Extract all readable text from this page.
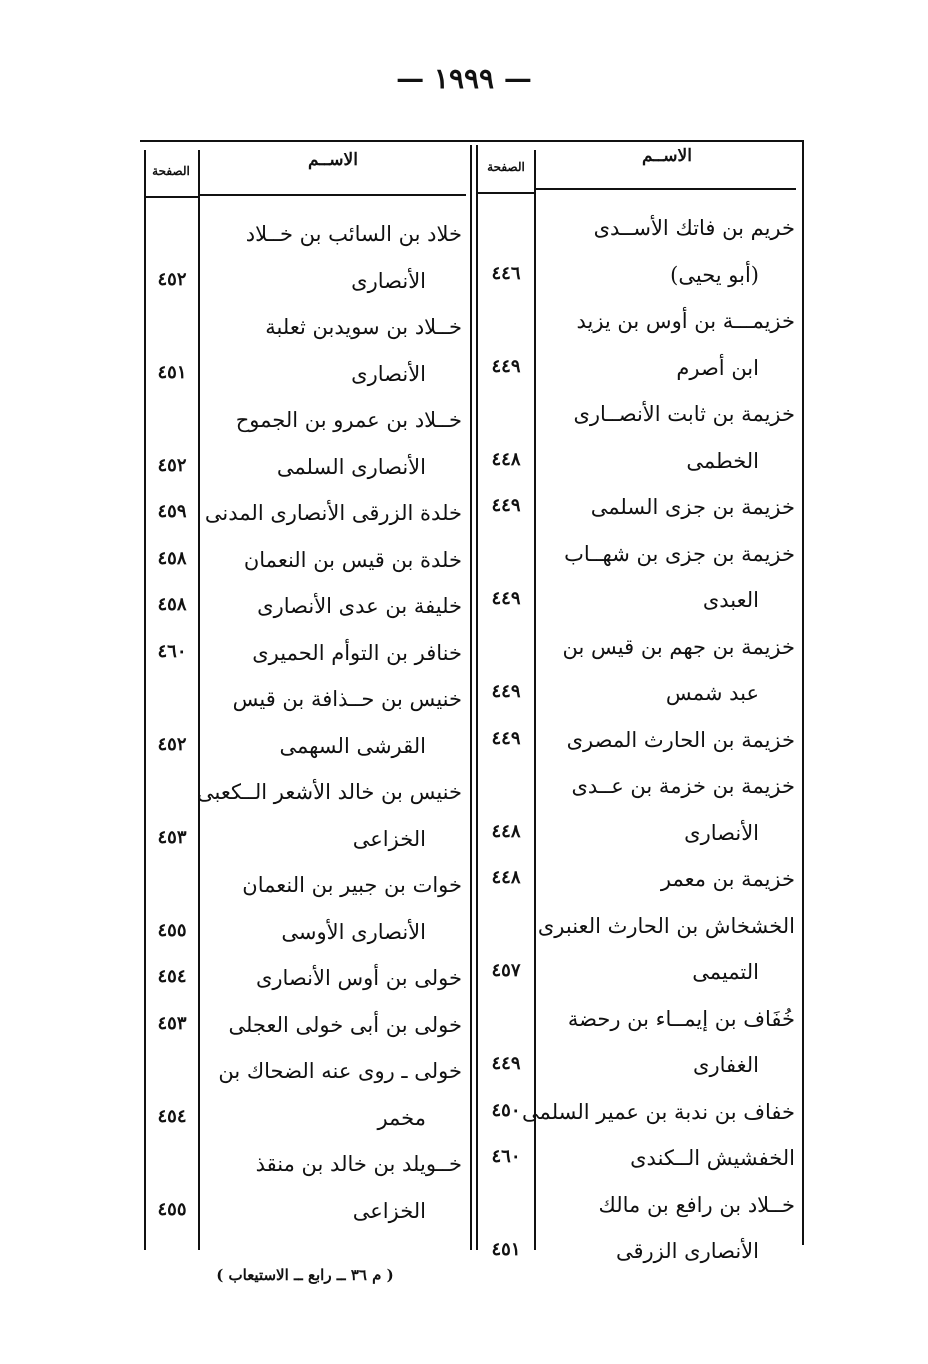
— ١٩٩٩ —
الاســم
الصفحة
الاســم
الصفحة
خريم بن فاتك الأســدى
(أبو يحيى)
٤٤٦
خزيمـــة بن أوس بن يزيد
ابن أصرم
٤٤٩
خزيمة بن ثابت الأنصــارى
الخطمى
٤٤٨
خزيمة بن جزى السلمى
٤٤٩
خزيمة بن جزى بن شهــاب
العبدى
٤٤٩
خزيمة بن جهم بن قيس بن
عبد شمس
٤٤٩
خزيمة بن الحارث المصرى
٤٤٩
خزيمة بن خزمة بن عــدى
الأنصارى
٤٤٨
خزيمة بن معمر
٤٤٨
الخشخاش بن الحارث العنبرى
التميمى
٤٥٧
خُفَاف بن إيمــاء بن رحضة
الغفارى
٤٤٩
خفاف بن ندبة بن عمير السلمى
٤٥٠
الخفشيش الــكندى
٤٦٠
خــلاد بن رافع بن مالك
الأنصارى الزرقى
٤٥١
خلاد بن السائب بن خــلاد
الأنصارى
٤٥٢
خــلاد بن سويدبن ثعلبة
الأنصارى
٤٥١
خــلاد بن عمرو بن الجموح
الأنصارى السلمى
٤٥٢
خلدة الزرقى الأنصارى المدنى
٤٥٩
خلدة بن قيس بن النعمان
٤٥٨
خليفة بن عدى الأنصارى
٤٥٨
خنافر بن التوأم الحميرى
٤٦٠
خنيس بن حــذافة بن قيس
القرشى السهمى
٤٥٢
خنيس بن خالد الأشعر الــكعبى
الخزاعى
٤٥٣
خوات بن جبير بن النعمان
الأنصارى الأوسى
٤٥٥
خولى بن أوس الأنصارى
٤٥٤
خولى بن أبى خولى العجلى
٤٥٣
خولى ـ روى عنه الضحاك بن
مخمر
٤٥٤
خــويلد بن خالد بن منقذ
الخزاعى
٤٥٥
( م ٣٦ ــ رابع ــ الاستيعاب )
